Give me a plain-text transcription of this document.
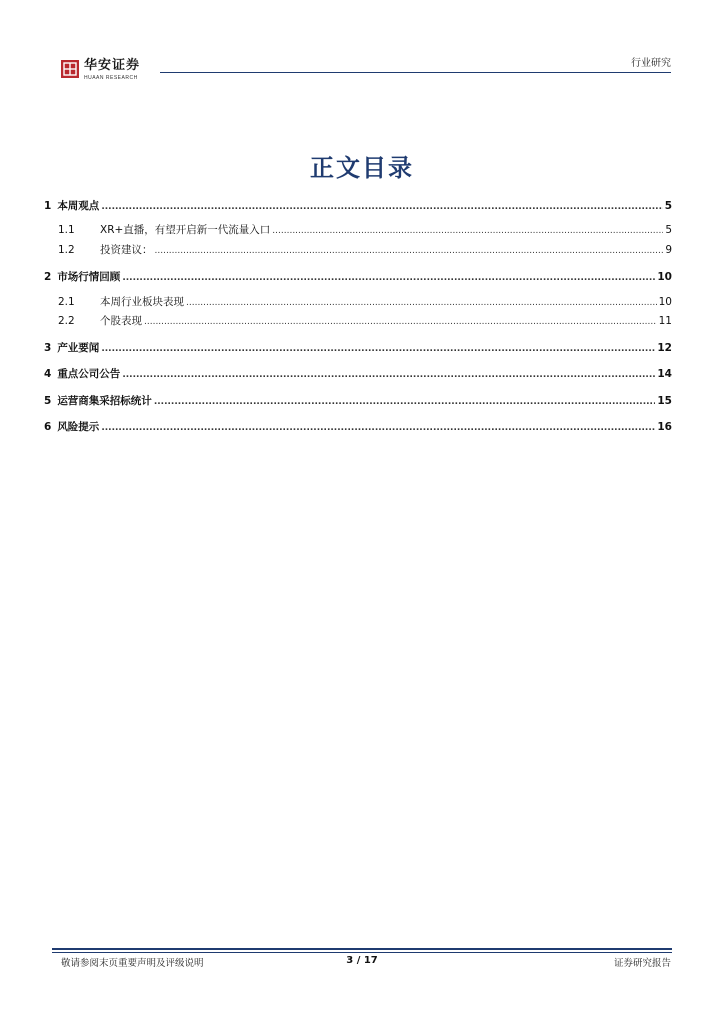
华安证券
HUAAN RESEARCH
行业研究
正文目录
1 本周观点 .....	5
1.1	XR+直播，有望开启新一代流量入口 .....	5
1.2	投资建议： .....	9
2 市场行情回顾 .....	10
2.1	本周行业板块表现 .....	10
2.2	个股表现 .....	11
3 产业要闻 .....	12
4 重点公司公告 .....	14
5 运营商集采招标统计 .....	15
6 风险提示 .....	16
敬请参阅末页重要声明及评级说明	3 / 17	证券研究报告
